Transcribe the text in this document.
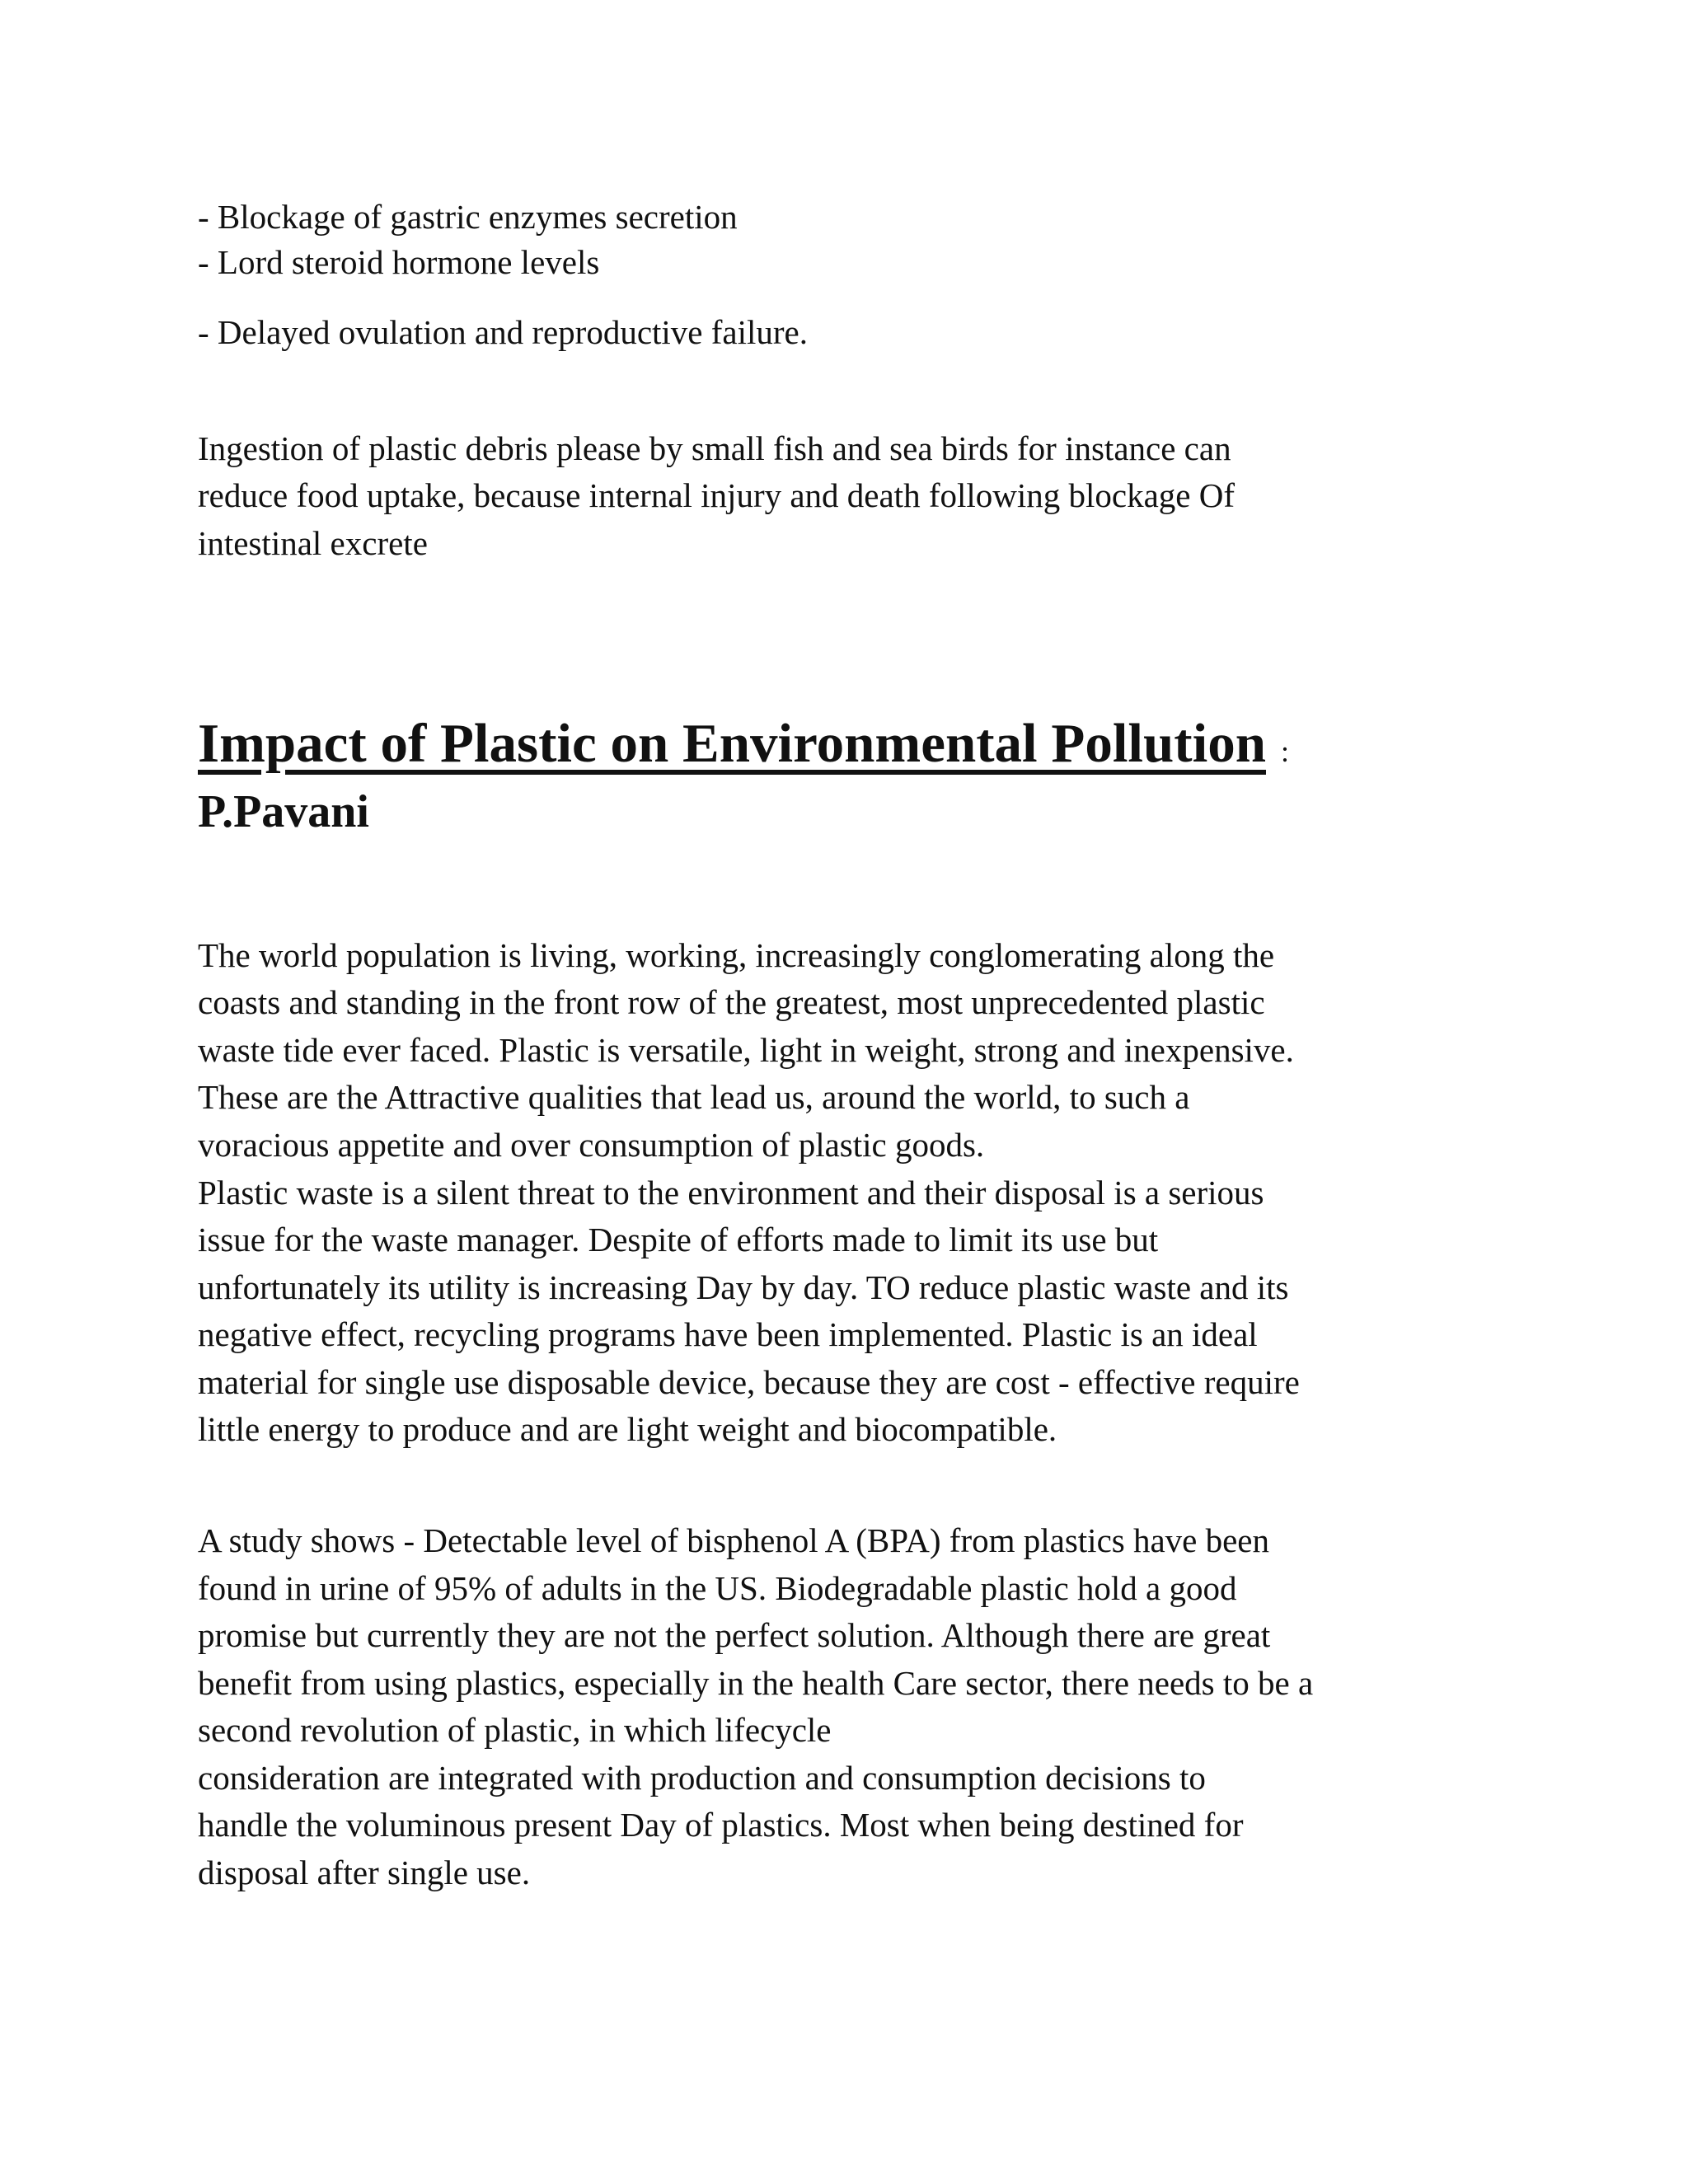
- Blockage of gastric enzymes secretion
- Lord steroid hormone levels
- Delayed ovulation and reproductive failure.
Ingestion of plastic debris please by small fish and sea birds for instance can
reduce food uptake, because internal injury and death following blockage Of
intestinal excrete
Impact of Plastic on Environmental Pollution :
P.Pavani
The world population is living, working, increasingly conglomerating along the
coasts and standing in the front row of the greatest, most unprecedented plastic
waste tide ever faced. Plastic is versatile, light in weight, strong and inexpensive.
These are the Attractive qualities that lead us, around the world, to such a
voracious appetite and over consumption of plastic goods.
Plastic waste is a silent threat to the environment and their disposal is a serious
issue for the waste manager. Despite of efforts made to limit its use but
unfortunately its utility is increasing Day by day. TO reduce plastic waste and its
negative effect, recycling programs have been implemented. Plastic is an ideal
material for single use disposable device, because they are cost - effective require
little energy to produce and are light weight and biocompatible.
A study shows - Detectable level of bisphenol A (BPA) from plastics have been
found in urine of 95% of adults in the US. Biodegradable plastic hold a good
promise but currently they are not the perfect solution. Although there are great
benefit from using plastics, especially in the health Care sector, there needs to be a
second revolution of plastic, in which lifecycle
consideration are integrated with production and consumption decisions to
handle the voluminous present Day of plastics. Most when being destined for
disposal after single use.
